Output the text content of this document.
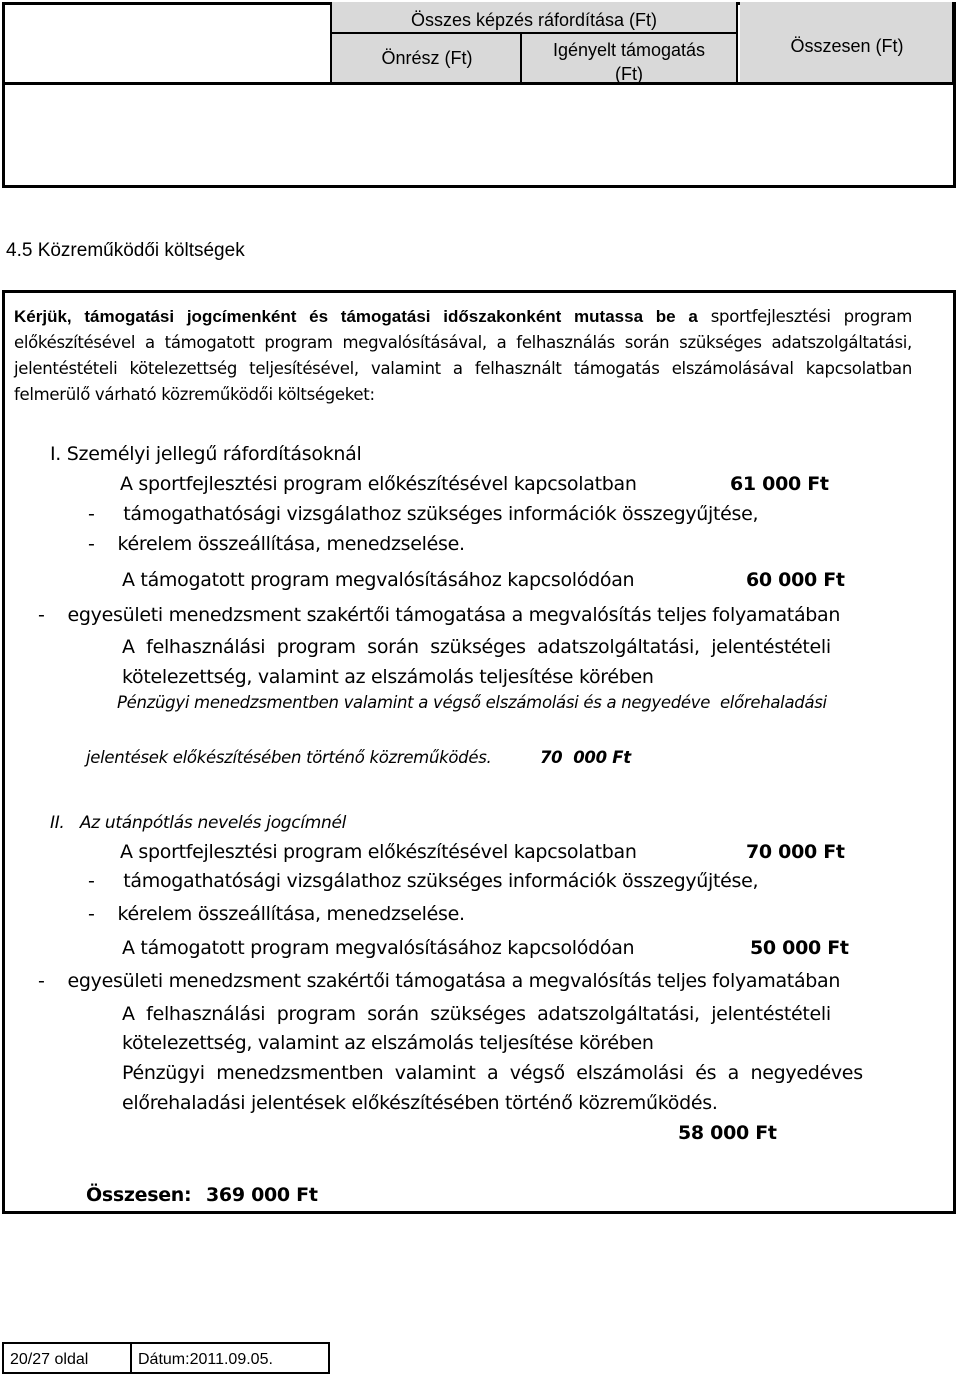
Összes képzés ráfordítása (Ft)
Önrész (Ft)	Igényelt támogatás
(Ft)
Összesen (Ft)
4.5 Közreműködői költségek
Kérjük, támogatási jogcímenként és támogatási időszakonként mutassa be a sportfejlesztési program előkészítésével a támogatott program megvalósításával, a felhasználás során szükséges adatszolgáltatási, jelentéstételi kötelezettség teljesítésével, valamint a felhasznált támogatás elszámolásával kapcsolatban felmerülő várható közreműködői költségeket:
I. Személyi jellegű ráfordításoknál
A sportfejlesztési program előkészítésével kapcsolatban	61 000 Ft
-     támogathatósági vizsgálathoz szükséges információk összegyűjtése,
-    kérelem összeállítása, menedzselése.
A támogatott program megvalósításához kapcsolódóan	60 000 Ft
-    egyesületi menedzsment szakértői támogatása a megvalósítás teljes folyamatában
A  felhasználási  program  során  szükséges  adatszolgáltatási,  jelentéstételi
kötelezettség, valamint az elszámolás teljesítése körében
Pénzügyi menedzsmentben valamint a végső elszámolási és a negyedéve  előrehaladási
jelentések előkészítésében történő közreműködés.	70  000 Ft
II.   Az utánpótlás nevelés jogcímnél
A sportfejlesztési program előkészítésével kapcsolatban	70 000 Ft
-     támogathatósági vizsgálathoz szükséges információk összegyűjtése,
-    kérelem összeállítása, menedzselése.
A támogatott program megvalósításához kapcsolódóan	50 000 Ft
-    egyesületi menedzsment szakértői támogatása a megvalósítás teljes folyamatában
A  felhasználási  program  során  szükséges  adatszolgáltatási,  jelentéstételi
kötelezettség, valamint az elszámolás teljesítése körében
Pénzügyi  menedzsmentben  valamint  a  végső  elszámolási  és  a  negyedéves
előrehaladási jelentések előkészítésében történő közreműködés.
58 000 Ft
Összesen: 369 000 Ft
20/27 oldal	Dátum:2011.09.05.
